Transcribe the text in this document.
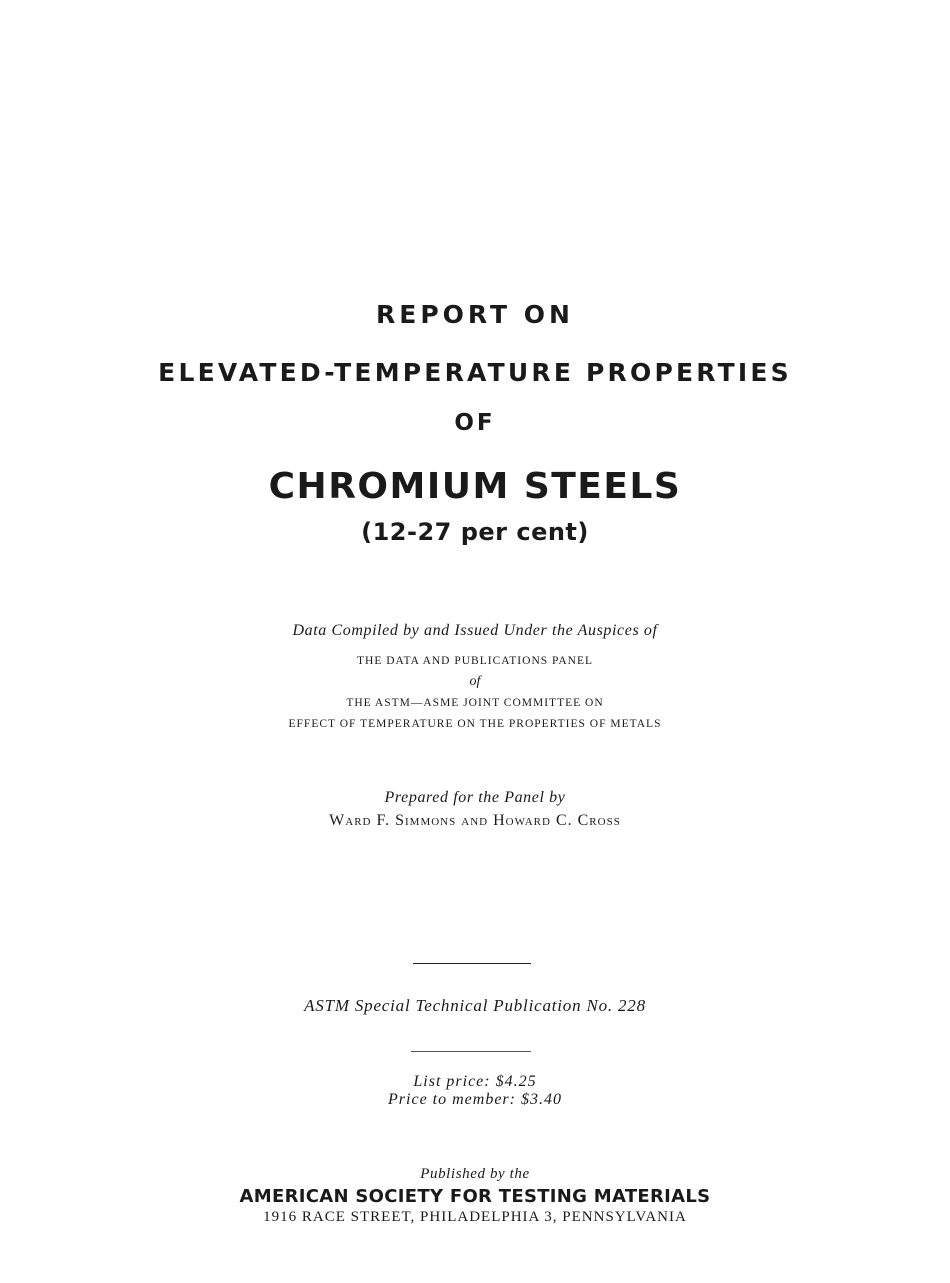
REPORT ON

ELEVATED-TEMPERATURE PROPERTIES

OF

CHROMIUM STEELS

(12-27 per cent)

Data Compiled by and Issued Under the Auspices of

THE DATA AND PUBLICATIONS PANEL

of

THE ASTM—ASME JOINT COMMITTEE ON

EFFECT OF TEMPERATURE ON THE PROPERTIES OF METALS

Prepared for the Panel by

Ward F. Simmons and Howard C. Cross

ASTM Special Technical Publication No. 228

List price: $4.25

Price to member: $3.40

Published by the

AMERICAN SOCIETY FOR TESTING MATERIALS

1916 RACE STREET, PHILADELPHIA 3, PENNSYLVANIA
